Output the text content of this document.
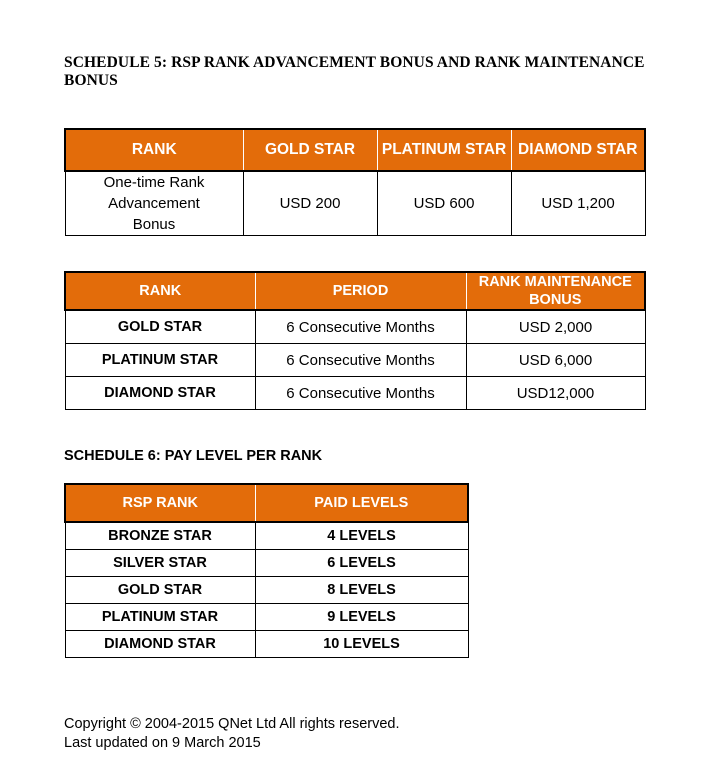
SCHEDULE 5: RSP RANK ADVANCEMENT BONUS AND RANK MAINTENANCE BONUS
RANK	GOLD STAR	PLATINUM STAR	DIAMOND STAR
One-time Rank Advancement Bonus	USD 200	USD 600	USD 1,200
RANK	PERIOD	RANK MAINTENANCE BONUS
GOLD STAR	6 Consecutive Months	USD 2,000
PLATINUM STAR	6 Consecutive Months	USD 6,000
DIAMOND STAR	6 Consecutive Months	USD12,000
SCHEDULE 6: PAY LEVEL PER RANK
RSP RANK	PAID LEVELS
BRONZE STAR	4 LEVELS
SILVER STAR	6 LEVELS
GOLD STAR	8 LEVELS
PLATINUM STAR	9 LEVELS
DIAMOND STAR	10 LEVELS
Copyright © 2004-2015 QNet Ltd All rights reserved.
Last updated on 9 March 2015
